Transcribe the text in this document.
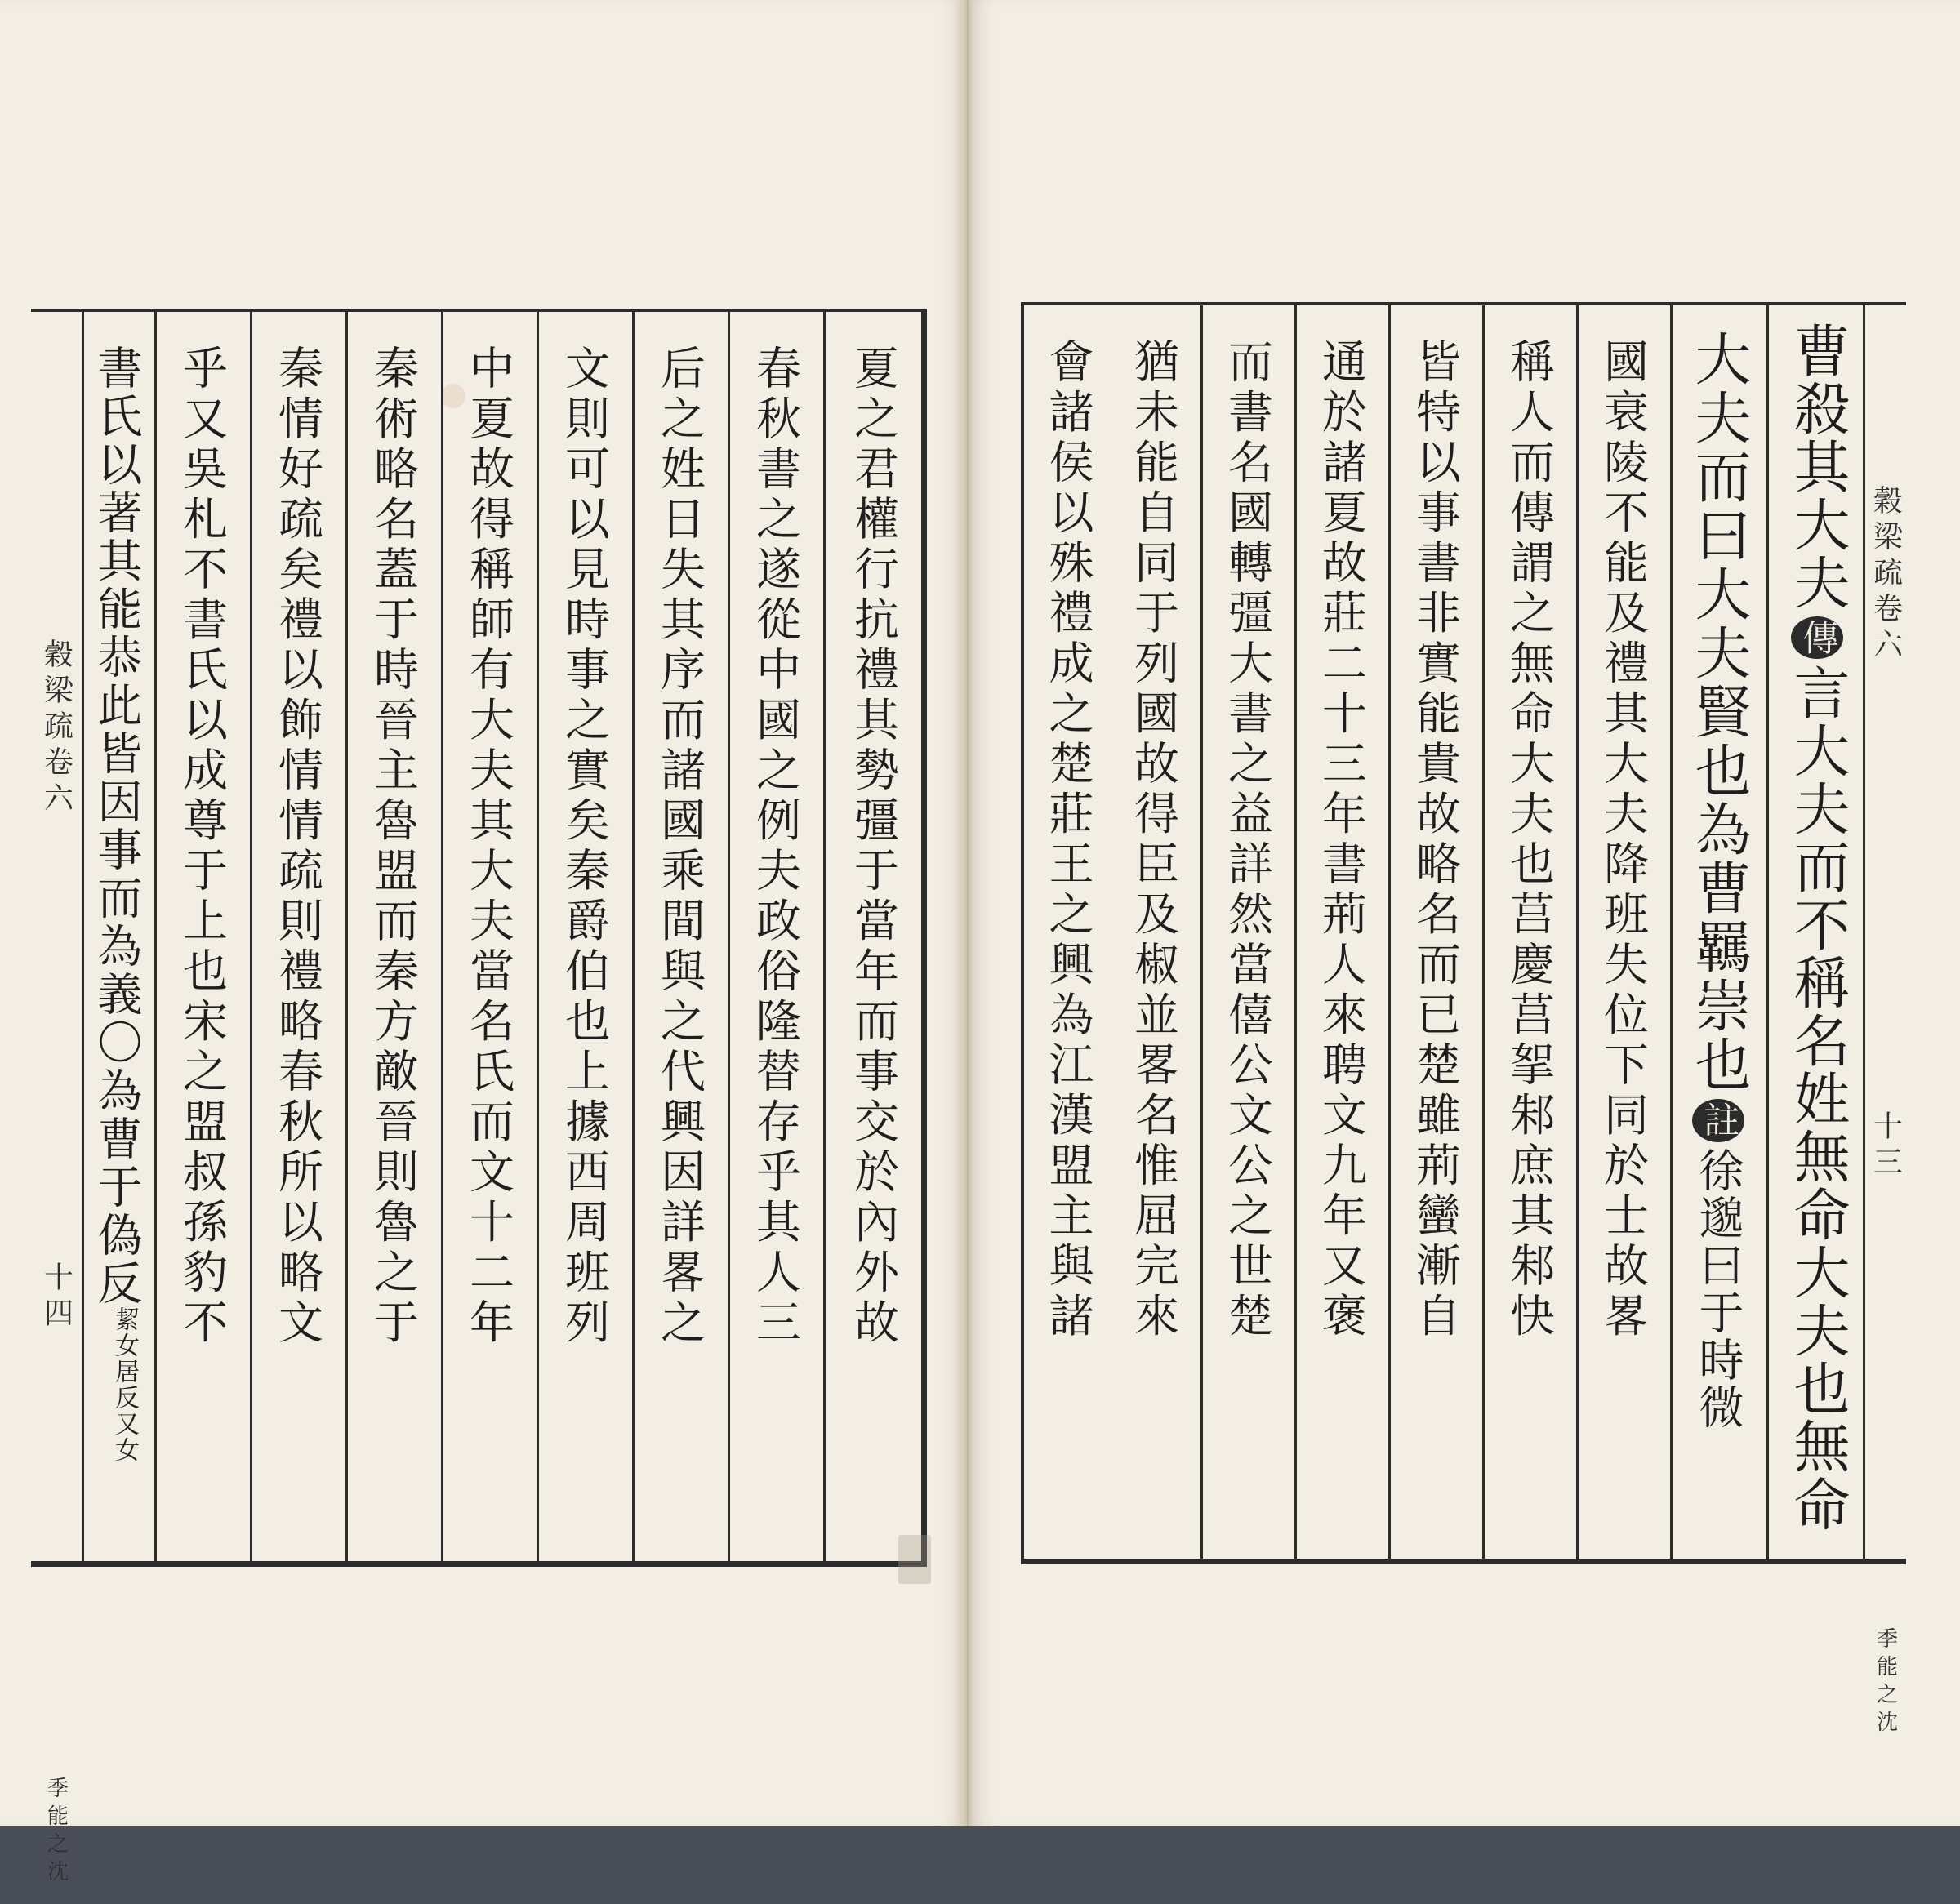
穀梁疏卷六
十四
季能之沈
夏之君權行抗禮其勢彊于當年而事交於內外故
春秋書之遂從中國之例夫政俗隆替存乎其人三
后之姓日失其序而諸國乘間與之代興因詳畧之
文則可以見時事之實矣秦爵伯也上據西周班列
中夏故得稱師有大夫其大夫當名氏而文十二年
秦術略名蓋于時晉主魯盟而秦方敵晉則魯之于
秦情好疏矣禮以飾情情疏則禮略春秋所以略文
乎又吳札不書氏以成尊于上也宋之盟叔孫豹不
書氏以著其能恭此皆因事而為義〇為曹于偽反
絜女居反又女
穀梁疏卷六
十三
季能之沈
曹殺其大夫傳言大夫而不稱名姓無命大夫也無命
大夫而曰大夫賢也為曹羈崇也註徐邈曰于時微
國衰陵不能及禮其大夫降班失位下同於士故畧
稱人而傳謂之無命大夫也莒慶莒挐邾庶其邾快
皆特以事書非實能貴故略名而已楚雖荊蠻漸自
通於諸夏故莊二十三年書荊人來聘文九年又褒
而書名國轉彊大書之益詳然當僖公文公之世楚
猶未能自同于列國故得臣及椒並畧名惟屈完來
會諸侯以殊禮成之楚莊王之興為江漢盟主與諸
